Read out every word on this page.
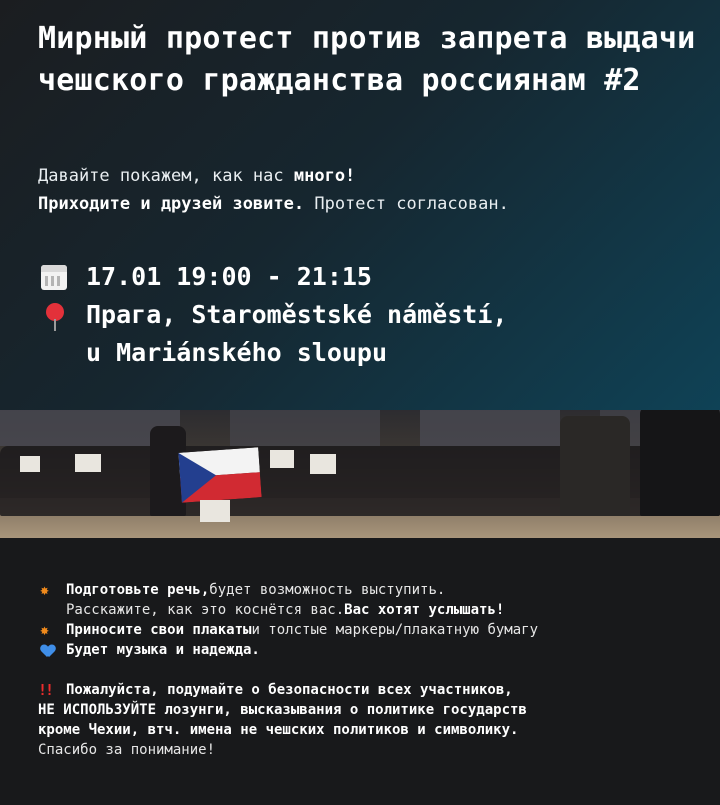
Мирный протест против запрета выдачи чешского гражданства россиянам #2
Давайте покажем, как нас много!
Приходите и друзей зовите. Протест согласован.
17.01 19:00 - 21:15
Прага, Staroměstské náměstí,
u Mariánského sloupu
✸ Подготовьте речь, будет возможность выступить.
Расскажите, как это коснётся вас. Вас хотят услышать!
✸ Приносите свои плакаты и толстые маркеры/плакатную бумагу
Будет музыка и надежда.
!! Пожалуйста, подумайте о безопасности всех участников,
НЕ ИСПОЛЬЗУЙТЕ лозунги, высказывания о политике государств
кроме Чехии, втч. имена не чешских политиков и символику.
Спасибо за понимание!
